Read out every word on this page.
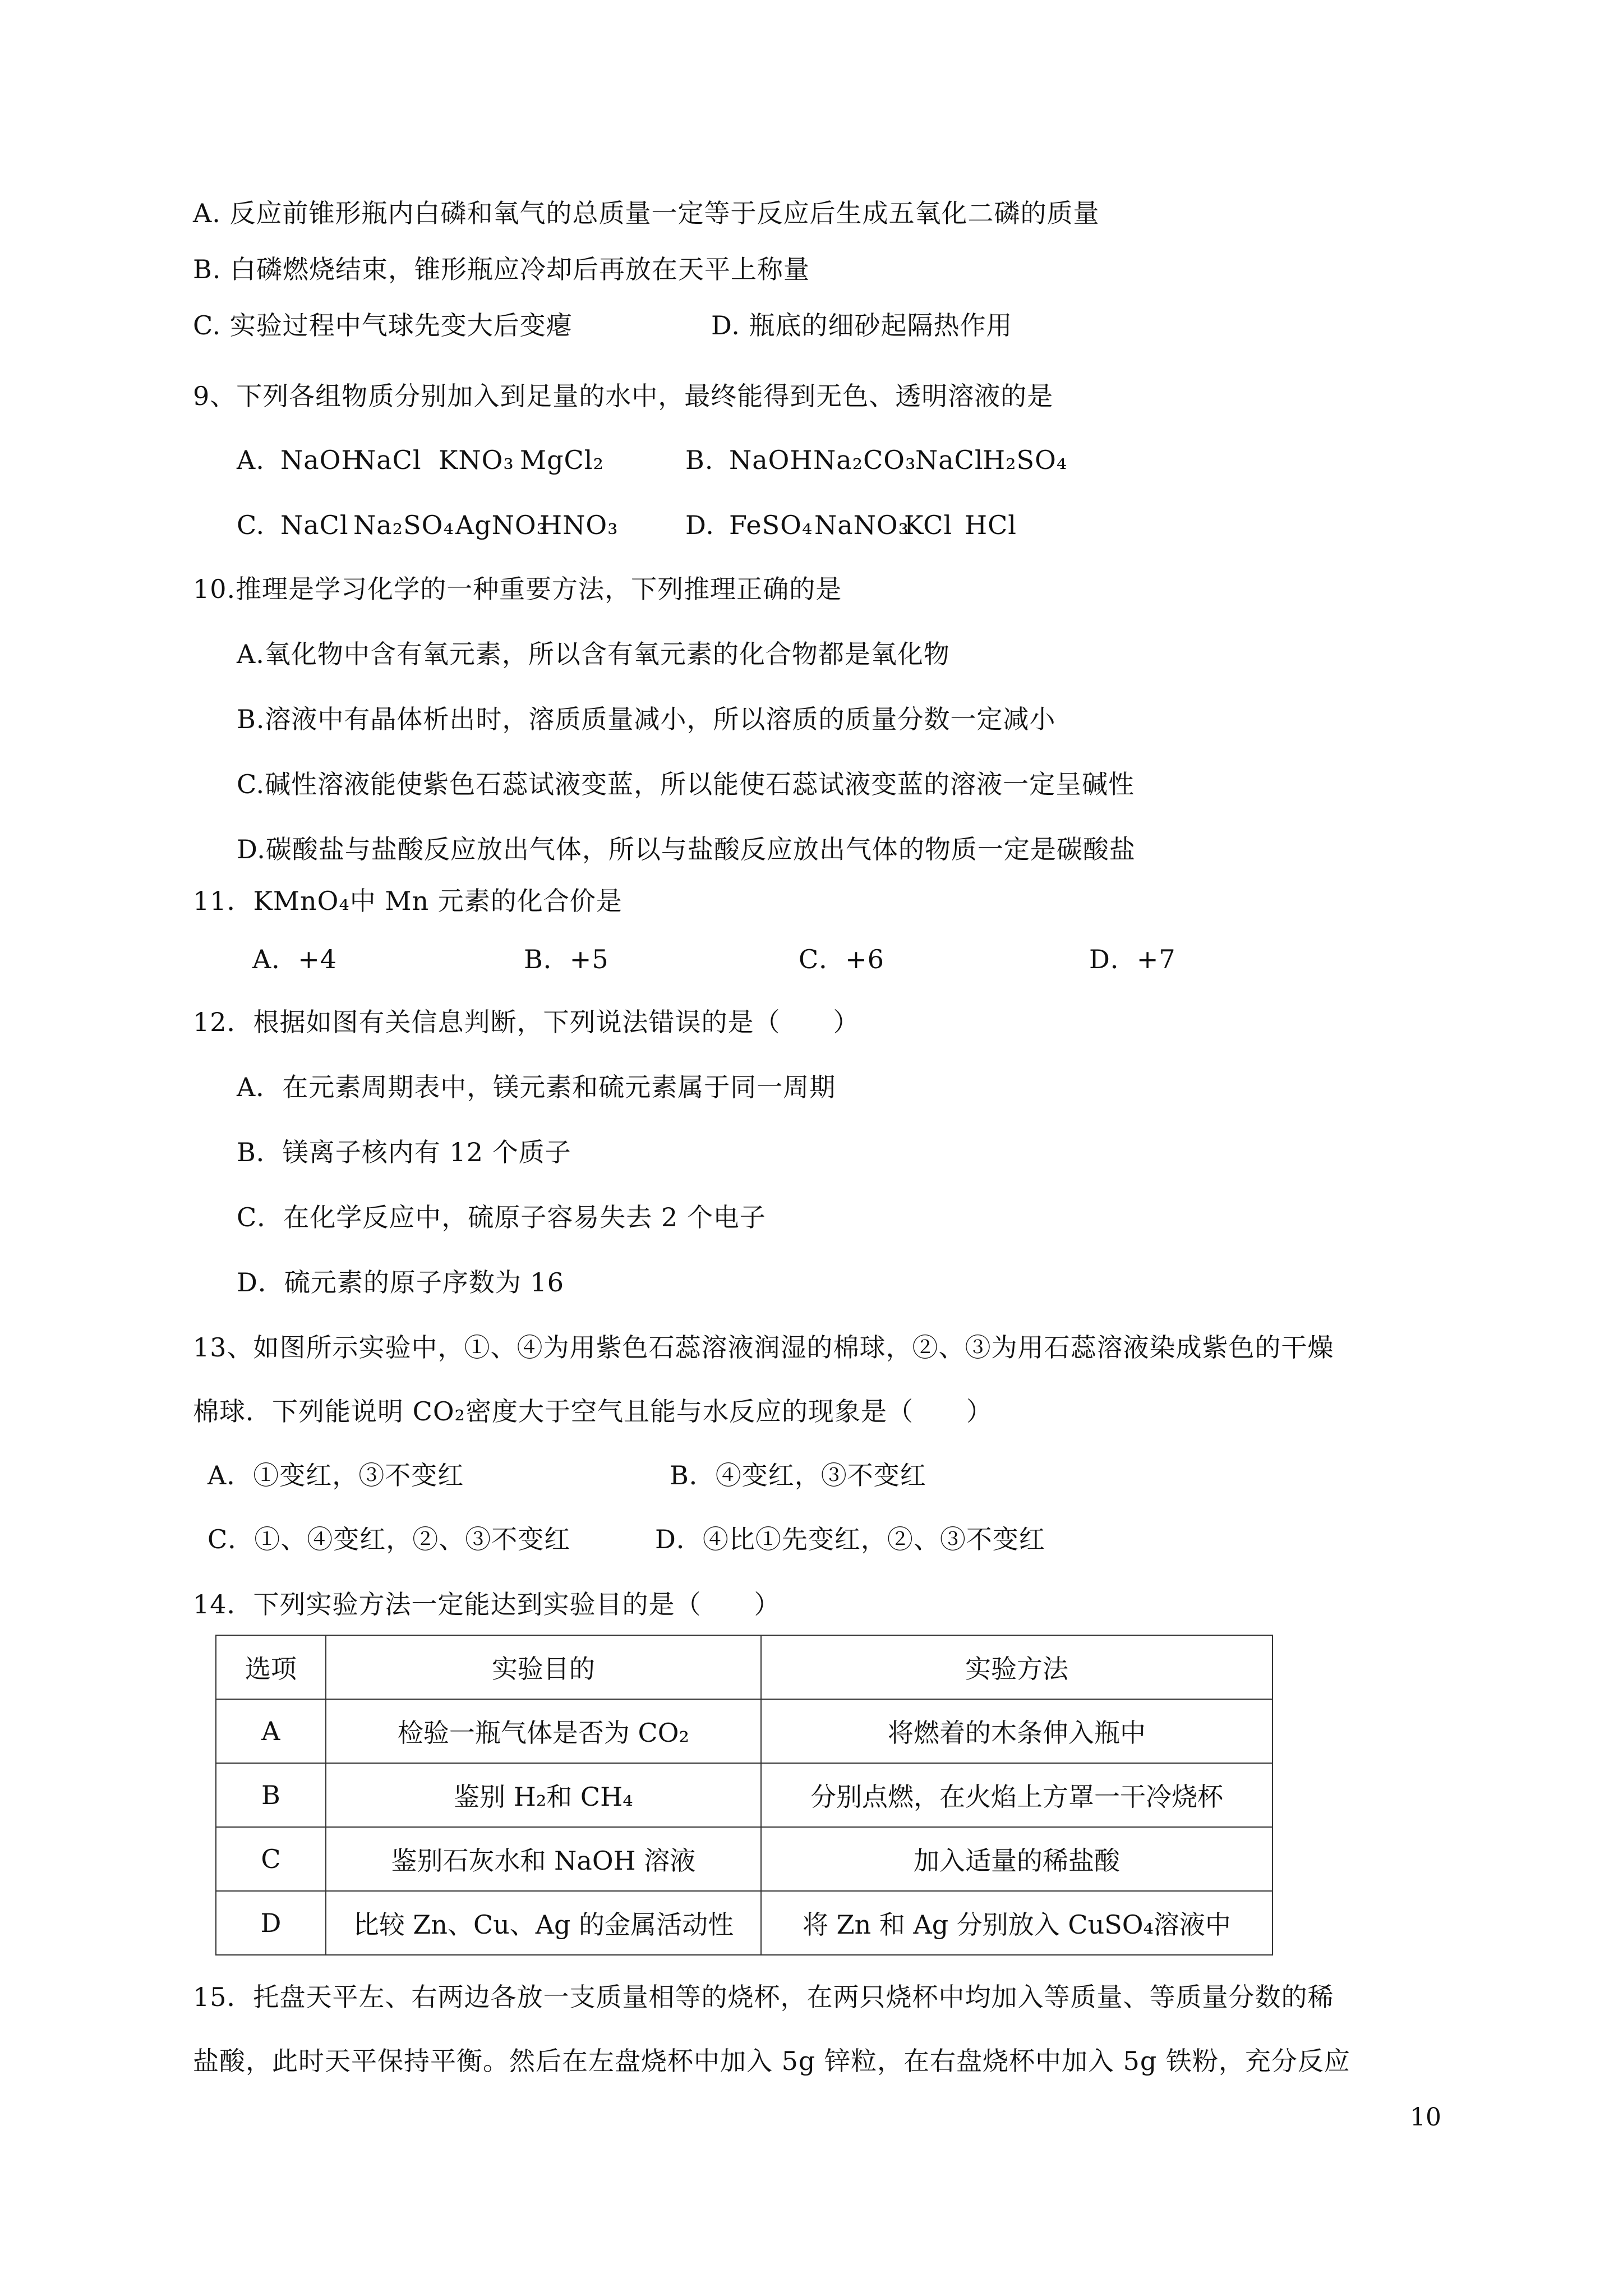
A. 反应前锥形瓶内白磷和氧气的总质量一定等于反应后生成五氧化二磷的质量
B. 白磷燃烧结束，锥形瓶应冷却后再放在天平上称量
C. 实验过程中气球先变大后变瘪	D. 瓶底的细砂起隔热作用
9、下列各组物质分别加入到足量的水中，最终能得到无色、透明溶液的是
A. NaOH
NaCl KNO₃ MgCl₂	B. NaOH Na₂CO₃
NaCl
H₂SO₄
C. NaCl Na₂SO₄ AgNO₃
HNO₃	D. FeSO₄ NaNO₃
KCl HCl
10.推理是学习化学的一种重要方法，下列推理正确的是
A.氧化物中含有氧元素，所以含有氧元素的化合物都是氧化物
B.溶液中有晶体析出时，溶质质量减小，所以溶质的质量分数一定减小
C.碱性溶液能使紫色石蕊试液变蓝，所以能使石蕊试液变蓝的溶液一定呈碱性
D.碳酸盐与盐酸反应放出气体，所以与盐酸反应放出气体的物质一定是碳酸盐
11．KMnO₄中 Mn 元素的化合价是
A．+4	B．+5	C．+6	D．+7
12．根据如图有关信息判断，下列说法错误的是（　　）
A．在元素周期表中，镁元素和硫元素属于同一周期
B．镁离子核内有 12 个质子
C．在化学反应中，硫原子容易失去 2 个电子
D．硫元素的原子序数为 16
13、如图所示实验中，①、④为用紫色石蕊溶液润湿的棉球，②、③为用石蕊溶液染成紫色的干燥
棉球．下列能说明 CO₂密度大于空气且能与水反应的现象是（　　）
A．①变红，③不变红	B．④变红，③不变红
C．①、④变红，②、③不变红	D．④比①先变红，②、③不变红
14．下列实验方法一定能达到实验目的是（　　）
选项	实验目的	实验方法
A	检验一瓶气体是否为 CO₂	将燃着的木条伸入瓶中
B	鉴别 H₂和 CH₄	分别点燃，在火焰上方罩一干冷烧杯
C	鉴别石灰水和 NaOH 溶液	加入适量的稀盐酸
D	比较 Zn、Cu、Ag 的金属活动性	将 Zn 和 Ag 分别放入 CuSO₄溶液中
15．托盘天平左、右两边各放一支质量相等的烧杯，在两只烧杯中均加入等质量、等质量分数的稀
盐酸，此时天平保持平衡。然后在左盘烧杯中加入 5g 锌粒，在右盘烧杯中加入 5g 铁粉，充分反应
10
